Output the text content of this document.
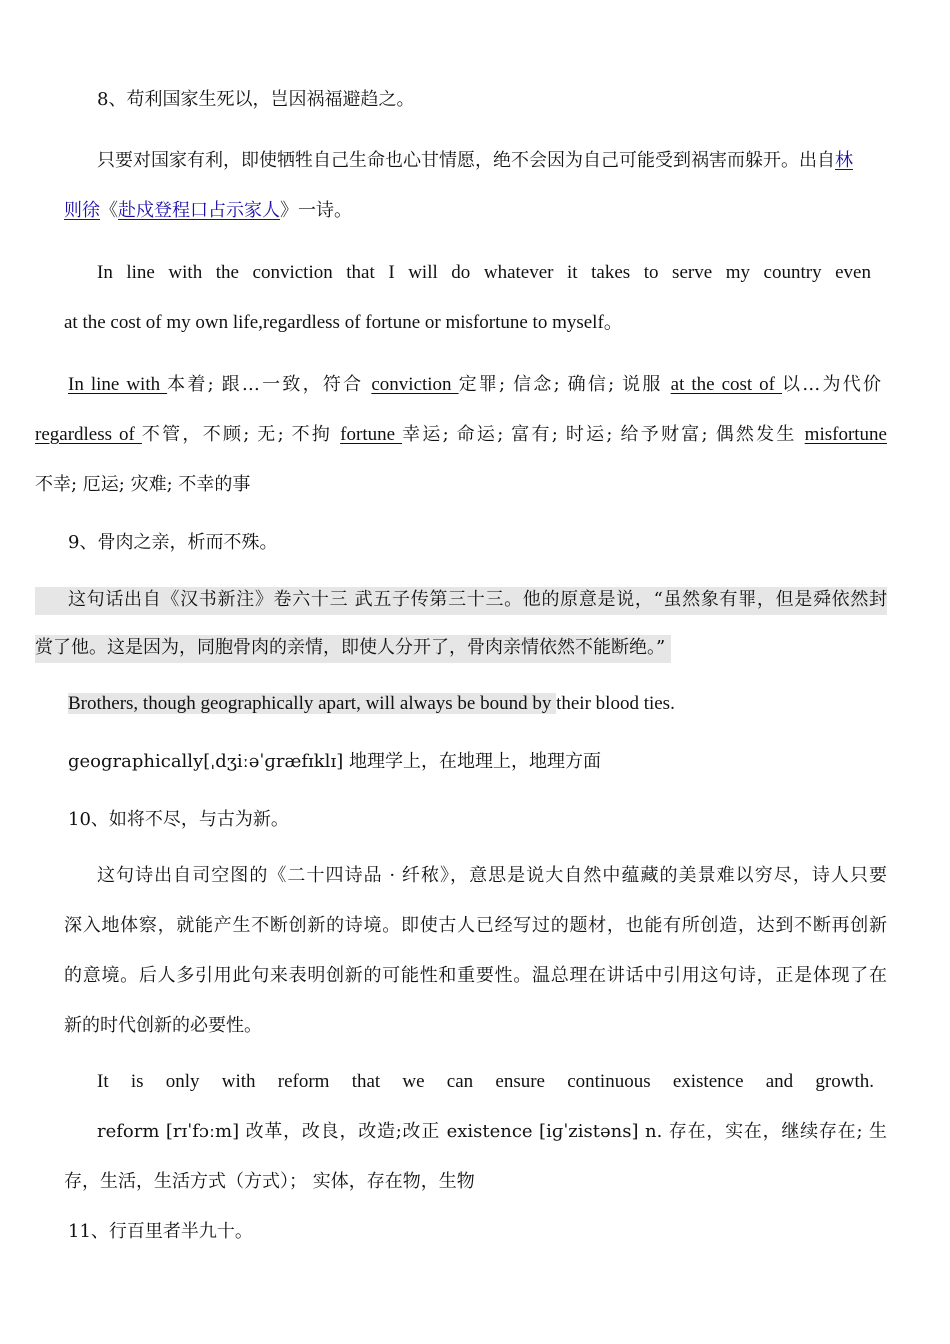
8、苟利国家生死以，岂因祸福避趋之。
只要对国家有利，即使牺牲自己生命也心甘情愿，绝不会因为自己可能受到祸害而躲开。出自林
则徐《赴戍登程口占示家人》一诗。
In line with the conviction that I will do whatever it takes to serve my country even
at the cost of my own life,regardless of fortune or misfortune to myself。
In line with 本着; 跟…一致，符合 conviction 定罪; 信念; 确信; 说服 at the cost of 以…为代价
regardless of 不管，不顾; 无; 不拘 fortune 幸运; 命运; 富有; 时运; 给予财富; 偶然发生 misfortune
不幸; 厄运; 灾难; 不幸的事
9、骨肉之亲，析而不殊。
这句话出自《汉书新注》卷六十三 武五子传第三十三。他的原意是说，“虽然象有罪，但是舜依然封
赏了他。这是因为，同胞骨肉的亲情，即使人分开了，骨肉亲情依然不能断绝。”
Brothers, though geographically apart, will always be bound by their blood ties.
geographically[ˌdʒiːəˈɡræfɪklɪ] 地理学上，在地理上，地理方面
10、如将不尽，与古为新。
这句诗出自司空图的《二十四诗品 · 纤秾》，意思是说大自然中蕴藏的美景难以穷尽，诗人只要
深入地体察，就能产生不断创新的诗境。即使古人已经写过的题材，也能有所创造，达到不断再创新
的意境。后人多引用此句来表明创新的可能性和重要性。温总理在讲话中引用这句诗，正是体现了在
新的时代创新的必要性。
It is only with reform that we can ensure continuous existence and growth.
reform [rɪˈfɔːm] 改革，改良，改造;改正 existence [iɡˈzistəns] n. 存在，实在，继续存在; 生
存，生活，生活方式（方式）； 实体，存在物，生物
11、行百里者半九十。
